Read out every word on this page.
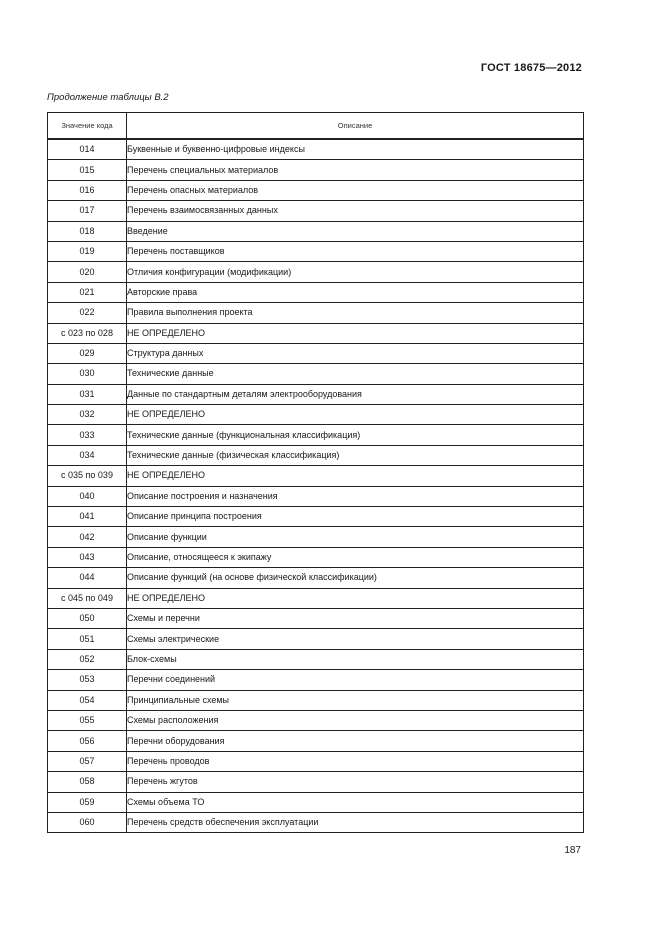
ГОСТ 18675—2012
Продолжение таблицы В.2
Значение кода	Описание
014	Буквенные и буквенно-цифровые индексы
015	Перечень специальных материалов
016	Перечень опасных материалов
017	Перечень взаимосвязанных данных
018	Введение
019	Перечень поставщиков
020	Отличия конфигурации (модификации)
021	Авторские права
022	Правила выполнения проекта
с 023 по 028	НЕ ОПРЕДЕЛЕНО
029	Структура данных
030	Технические данные
031	Данные по стандартным деталям электрооборудования
032	НЕ ОПРЕДЕЛЕНО
033	Технические данные (функциональная классификация)
034	Технические данные (физическая классификация)
с 035 по 039	НЕ ОПРЕДЕЛЕНО
040	Описание построения и назначения
041	Описание принципа построения
042	Описание функции
043	Описание, относящееся к экипажу
044	Описание функций (на основе физической классификации)
с 045 по 049	НЕ ОПРЕДЕЛЕНО
050	Схемы и перечни
051	Схемы электрические
052	Блок-схемы
053	Перечни соединений
054	Принципиальные схемы
055	Схемы расположения
056	Перечни оборудования
057	Перечень проводов
058	Перечень жгутов
059	Схемы объема ТО
060	Перечень средств обеспечения эксплуатации
187
